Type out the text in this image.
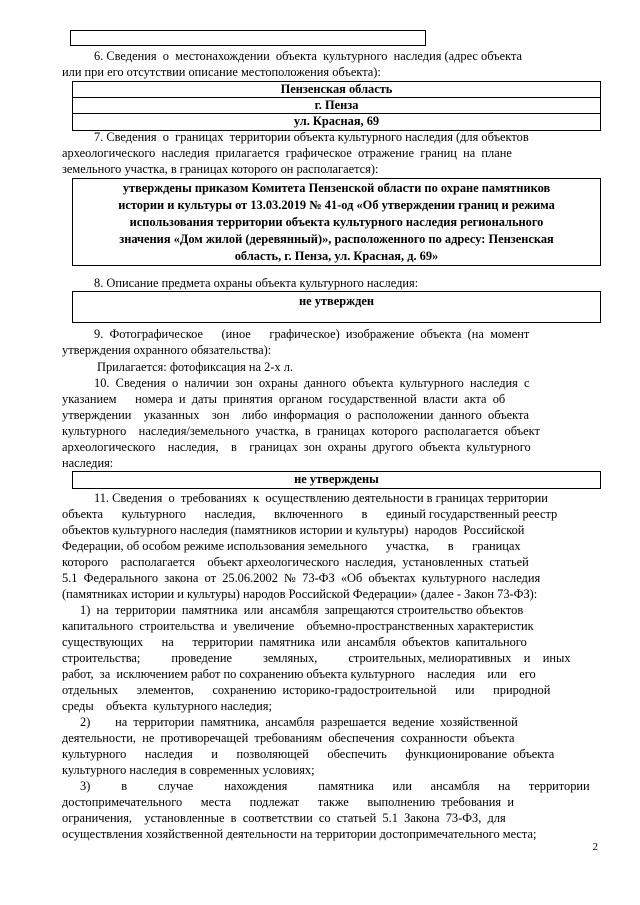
6. Сведения  о  местонахождении  объекта  культурного  наследия (адрес объекта
или при его отсутствии описание местоположения объекта):
Пензенская область
г. Пенза
ул. Красная, 69
7. Сведения  о  границах  территории объекта культурного наследия (для объектов
археологического  наследия  прилагается  графическое  отражение  границ  на  плане
земельного участка, в границах которого он располагается):
утверждены приказом Комитета Пензенской области по охране памятников
истории и культуры от 13.03.2019 № 41-од «Об утверждении границ и режима
использования территории объекта культурного наследия регионального
значения «Дом жилой (деревянный)», расположенного по адресу: Пензенская
область, г. Пенза, ул. Красная, д. 69»
8. Описание предмета охраны объекта культурного наследия:
не утвержден
9.  Фотографическое      (иное      графическое)  изображение  объекта  (на  момент
утверждения охранного обязательства):
Прилагается: фотофиксация на 2-х л.
10.  Сведения  о  наличии  зон  охраны  данного  объекта  культурного  наследия  с
указанием      номера  и  даты  принятия  органом  государственной  власти  акта  об
утверждении    указанных    зон    либо  информация  о  расположении  данного  объекта
культурного    наследия/земельного  участка,  в  границах  которого  располагается  объект
археологического    наследия,    в    границах  зон  охраны  другого  объекта  культурного
наследия:
не утверждены
11. Сведения  о  требованиях  к  осуществлению деятельности в границах территории
объекта      культурного      наследия,      включенного      в      единый государственный реестр
объектов культурного наследия (памятников истории и культуры)  народов  Российской
Федерации, об особом режиме использования земельного      участка,      в      границах
которого    располагается    объект археологического  наследия,  установленных  статьей
5.1  Федерального  закона  от  25.06.2002  №  73-ФЗ  «Об  объектах  культурного  наследия
(памятниках истории и культуры) народов Российской Федерации» (далее - Закон 73-ФЗ):
1)  на  территории  памятника  или  ансамбля  запрещаются строительство объектов
капитального  строительства  и  увеличение    объемно-пространственных характеристик
существующих      на      территории  памятника  или  ансамбля  объектов  капитального
строительства;          проведение          земляных,          строительных, мелиоративных    и    иных
работ,  за  исключением работ по сохранению объекта культурного    наследия    или    его
отдельных      элементов,      сохранению  историко-градостроительной      или      природной
среды    объекта  культурного наследия;
2)        на  территории  памятника,  ансамбля  разрешается  ведение  хозяйственной
деятельности,  не  противоречащей  требованиям  обеспечения  сохранности  объекта
культурного      наследия      и      позволяющей      обеспечить      функционирование  объекта
культурного наследия в современных условиях;
3)          в          случае          нахождения          памятника      или      ансамбля      на      территории
достопримечательного      места      подлежат      также      выполнению  требования  и
ограничения,    установленные  в  соответствии  со  статьей  5.1  Закона  73-ФЗ,  для
осуществления хозяйственной деятельности на территории достопримечательного места;
2
